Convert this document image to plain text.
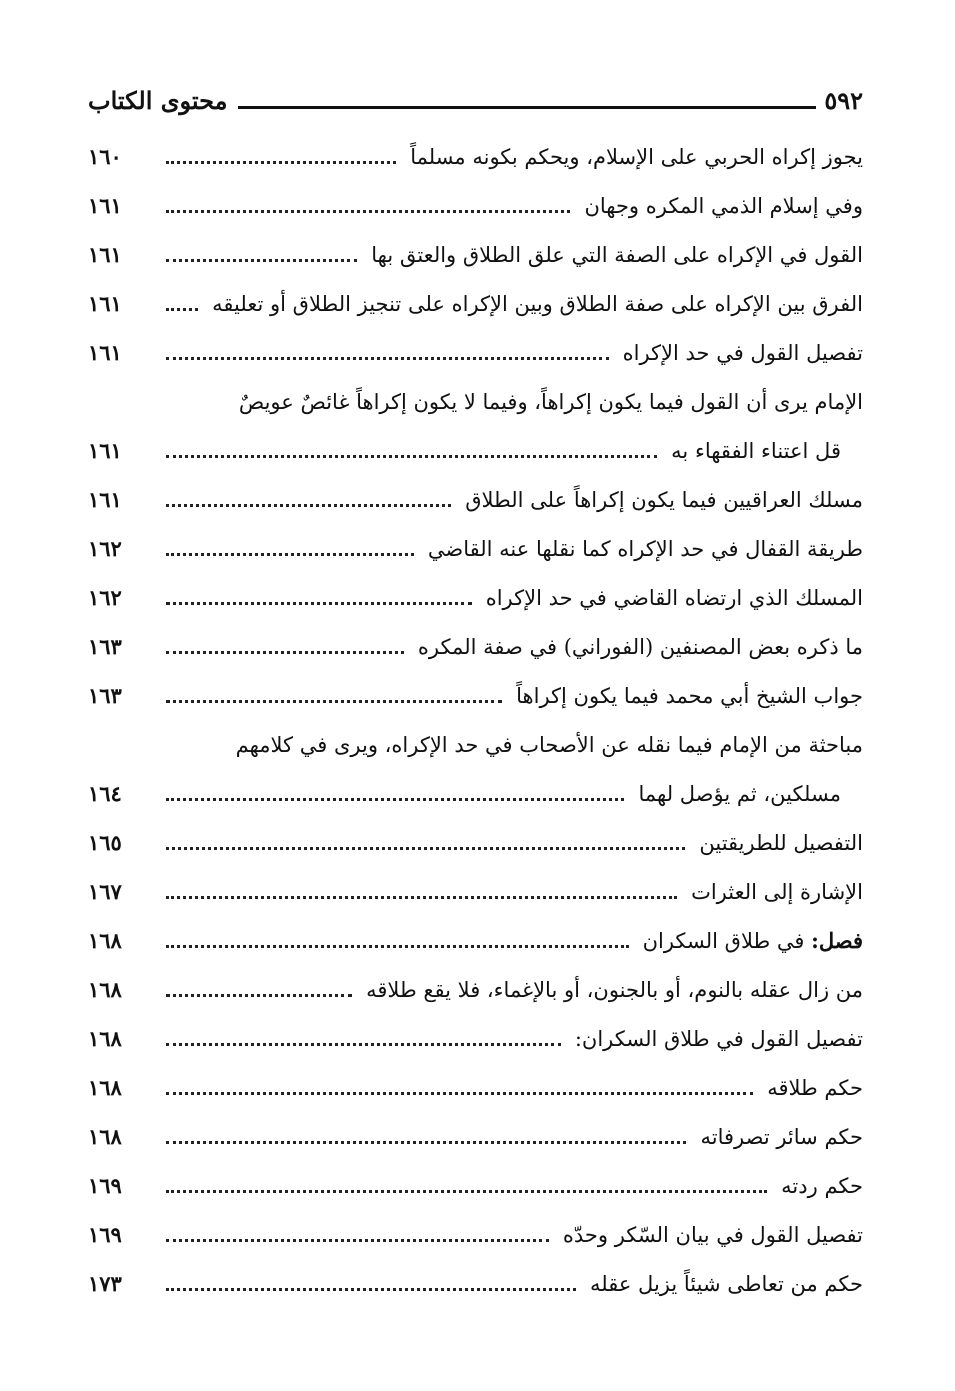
٥٩٢
محتوى الكتاب
يجوز إكراه الحربي على الإسلام، ويحكم بكونه مسلماً
١٦٠
وفي إسلام الذمي المكره وجهان
١٦١
القول في الإكراه على الصفة التي علق الطلاق والعتق بها
١٦١
الفرق بين الإكراه على صفة الطلاق وبين الإكراه على تنجيز الطلاق أو تعليقه
١٦١
تفصيل القول في حد الإكراه
١٦١
الإمام يرى أن القول فيما يكون إكراهاً، وفيما لا يكون إكراهاً غائصٌ عويصٌ
قل اعتناء الفقهاء به
١٦١
مسلك العراقيين فيما يكون إكراهاً على الطلاق
١٦١
طريقة القفال في حد الإكراه كما نقلها عنه القاضي
١٦٢
المسلك الذي ارتضاه القاضي في حد الإكراه
١٦٢
ما ذكره بعض المصنفين (الفوراني) في صفة المكره
١٦٣
جواب الشيخ أبي محمد فيما يكون إكراهاً
١٦٣
مباحثة من الإمام فيما نقله عن الأصحاب في حد الإكراه، ويرى في كلامهم
مسلكين، ثم يؤصل لهما
١٦٤
التفصيل للطريقتين
١٦٥
الإشارة إلى العثرات
١٦٧
فصل: في طلاق السكران
١٦٨
من زال عقله بالنوم، أو بالجنون، أو بالإغماء، فلا يقع طلاقه
١٦٨
تفصيل القول في طلاق السكران:
١٦٨
حكم طلاقه
١٦٨
حكم سائر تصرفاته
١٦٨
حكم ردته
١٦٩
تفصيل القول في بيان السّكر وحدّه
١٦٩
حكم من تعاطى شيئاً يزيل عقله
١٧٣
